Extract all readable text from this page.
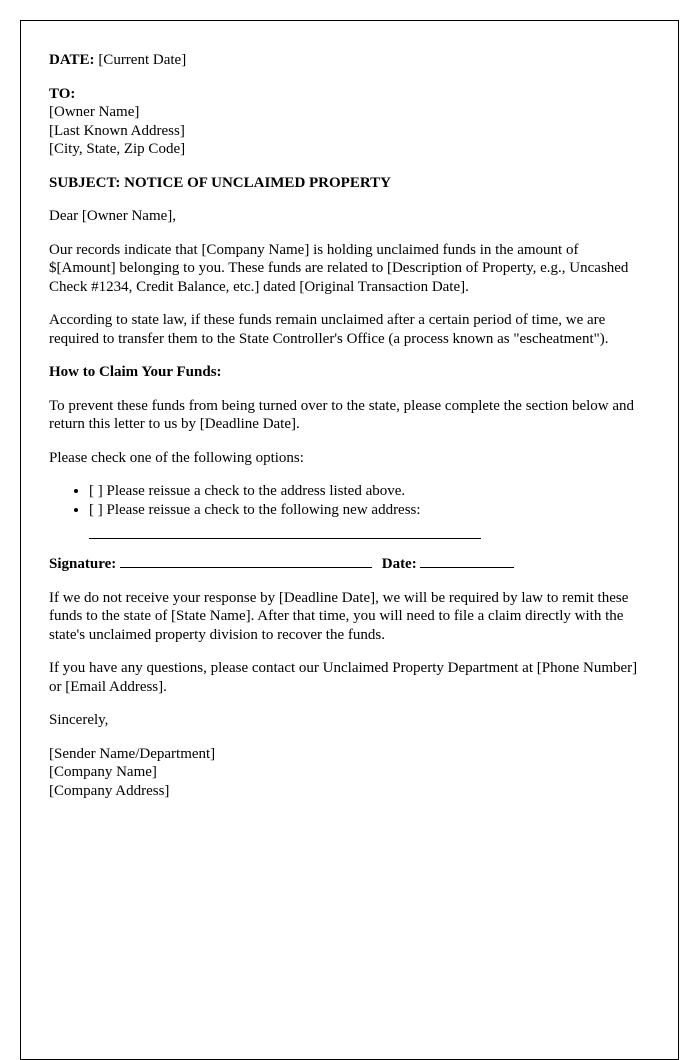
DATE: [Current Date]

TO:
[Owner Name]
[Last Known Address]
[City, State, Zip Code]

SUBJECT: NOTICE OF UNCLAIMED PROPERTY

Dear [Owner Name],

Our records indicate that [Company Name] is holding unclaimed funds in the amount of $[Amount] belonging to you. These funds are related to [Description of Property, e.g., Uncashed Check #1234, Credit Balance, etc.] dated [Original Transaction Date].

According to state law, if these funds remain unclaimed after a certain period of time, we are required to transfer them to the State Controller's Office (a process known as "escheatment").

How to Claim Your Funds:

To prevent these funds from being turned over to the state, please complete the section below and return this letter to us by [Deadline Date].

Please check one of the following options:

• [ ] Please reissue a check to the address listed above.
• [ ] Please reissue a check to the following new address:

Signature:	Date:

If we do not receive your response by [Deadline Date], we will be required by law to remit these funds to the state of [State Name]. After that time, you will need to file a claim directly with the state's unclaimed property division to recover the funds.

If you have any questions, please contact our Unclaimed Property Department at [Phone Number] or [Email Address].

Sincerely,

[Sender Name/Department]
[Company Name]
[Company Address]
